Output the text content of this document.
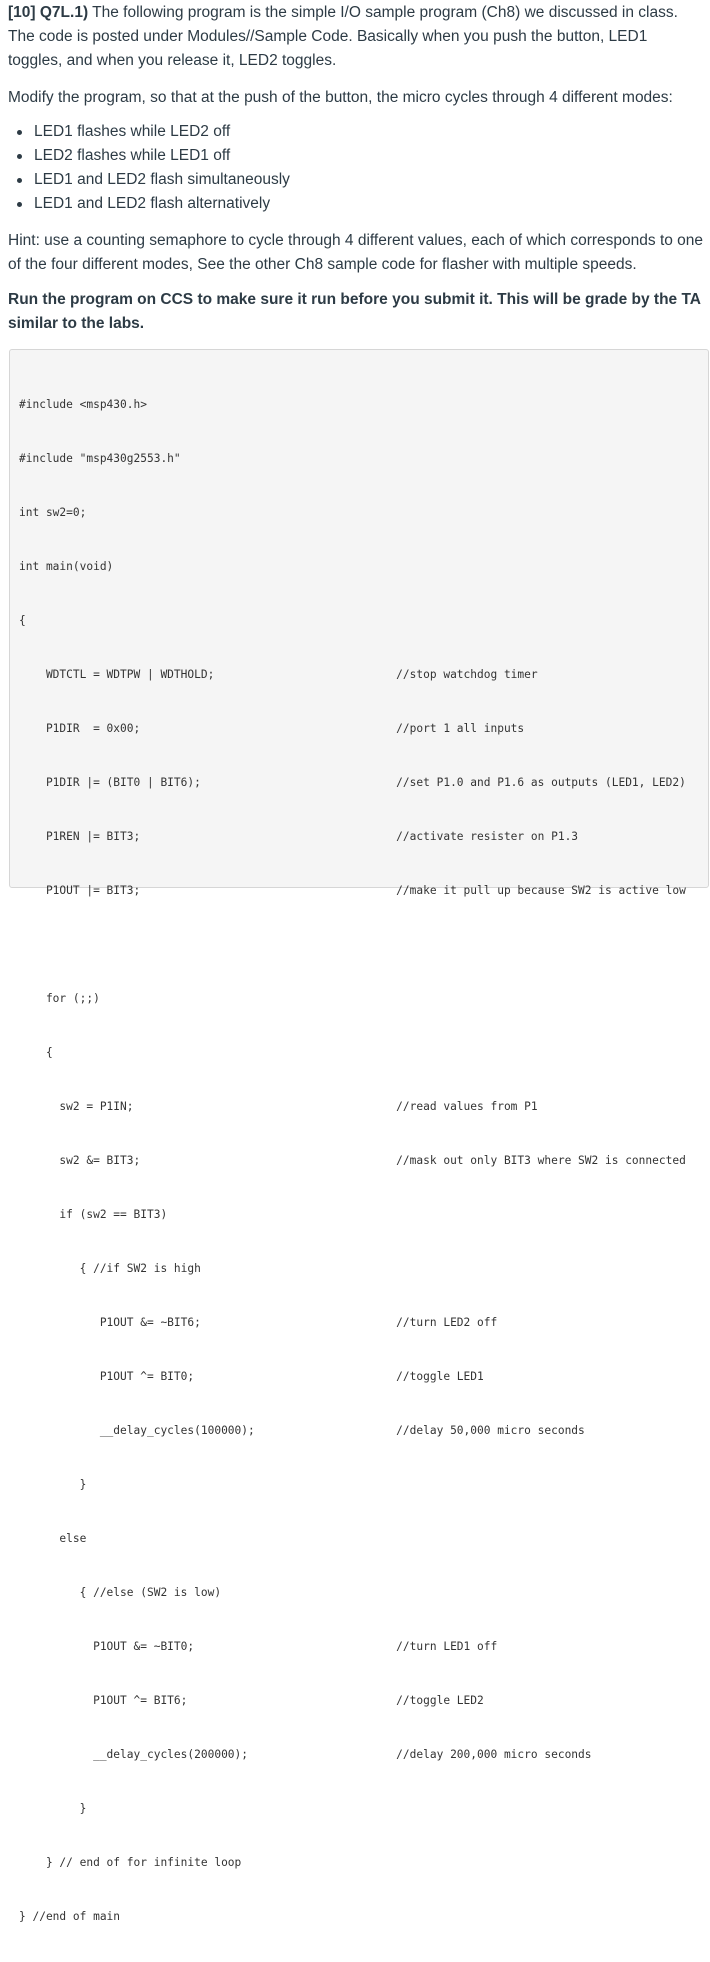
[10] Q7L.1) The following program is the simple I/O sample program (Ch8) we discussed in class. The code is posted under Modules//Sample Code. Basically when you push the button, LED1 toggles, and when you release it, LED2 toggles.

Modify the program, so that at the push of the button, the micro cycles through 4 different modes:

LED1 flashes while LED2 off
LED2 flashes while LED1 off
LED1 and LED2 flash simultaneously
LED1 and LED2 flash alternatively

Hint: use a counting semaphore to cycle through 4 different values, each of which corresponds to one of the four different modes, See the other Ch8 sample code for flasher with multiple speeds.

Run the program on CCS to make sure it run before you submit it. This will be grade by the TA similar to the labs.

#include <msp430.h>

#include "msp430g2553.h"

int sw2=0;

int main(void)

{

WDTCTL = WDTPW | WDTHOLD;                           //stop watchdog timer

P1DIR  = 0x00;                                      //port 1 all inputs

P1DIR |= (BIT0 | BIT6);                             //set P1.0 and P1.6 as outputs (LED1, LED2)

P1REN |= BIT3;                                      //activate resister on P1.3

P1OUT |= BIT3;                                      //make it pull up because SW2 is active low

for (;;)

{

sw2 = P1IN;                                       //read values from P1

sw2 &= BIT3;                                      //mask out only BIT3 where SW2 is connected

if (sw2 == BIT3)

{ //if SW2 is high

P1OUT &= ~BIT6;                             //turn LED2 off

P1OUT ^= BIT0;                              //toggle LED1

__delay_cycles(100000);                     //delay 50,000 micro seconds

}

else

{ //else (SW2 is low)

P1OUT &= ~BIT0;                              //turn LED1 off

P1OUT ^= BIT6;                               //toggle LED2

__delay_cycles(200000);                      //delay 200,000 micro seconds

}

} // end of for infinite loop

} //end of main
